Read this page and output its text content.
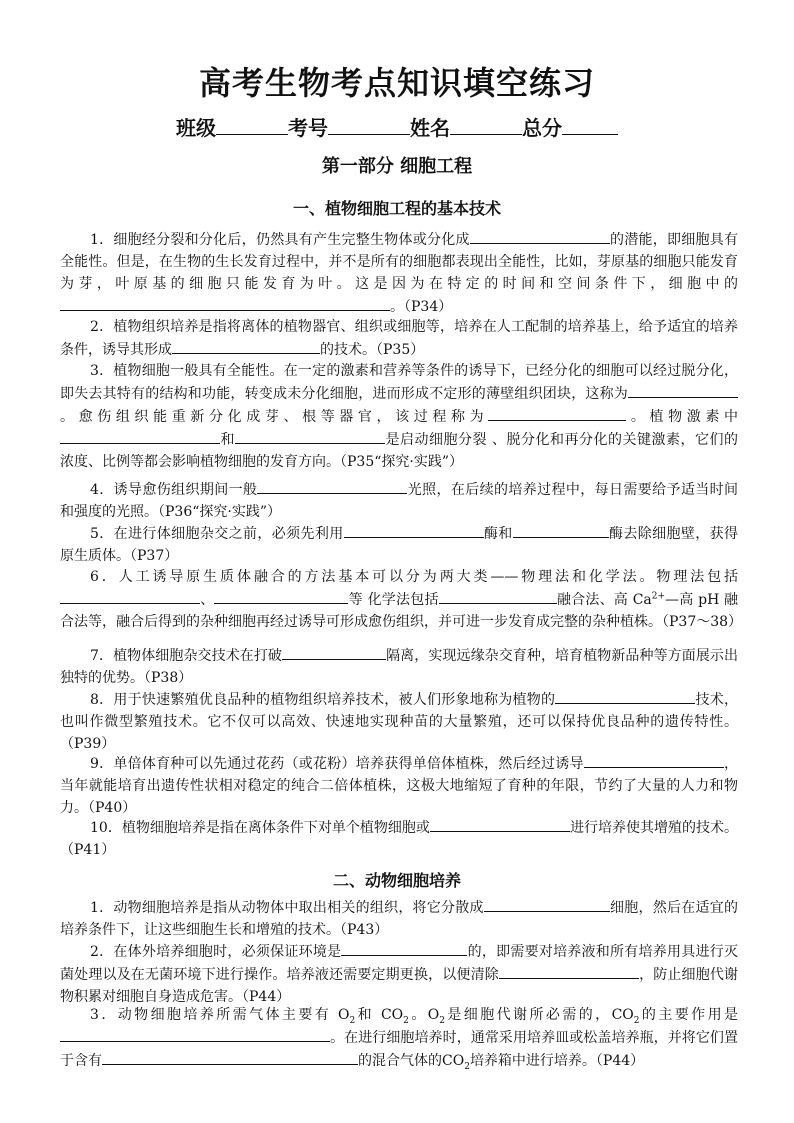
高考生物考点知识填空练习
班级	考号	姓名	总分
第一部分 细胞工程
一、植物细胞工程的基本技术
1．细胞经分裂和分化后，仍然具有产生完整生物体或分化成	的潜能，即细胞具有全能性。但是，在生物的生长发育过程中，并不是所有的细胞都表现出全能性，比如，芽原基的细胞只能发育为芽，叶原基的细胞只能发育为叶。这是因为在特定的时间和空间条件下，细胞中的。（P34）
2．植物组织培养是指将离体的植物器官、组织或细胞等，培养在人工配制的培养基上，给予适宜的培养条件，诱导其形成	的技术。（P35）
3．植物细胞一般具有全能性。在一定的激素和营养等条件的诱导下，已经分化的细胞可以经过脱分化，即失去其特有的结构和功能，转变成未分化细胞，进而形成不定形的薄壁组织团块，这称为。愈伤组织能重新分化成芽、根等器官，该过程称为	。植物激素中和	是启动细胞分裂 、脱分化和再分化的关键激素，它们的浓度、比例等都会影响植物细胞的发育方向。（P35“探究·实践”）
4．诱导愈伤组织期间一般	光照，在后续的培养过程中，每日需要给予适当时间和强度的光照。（P36“探究·实践”）
5．在进行体细胞杂交之前，必须先利用	酶和	酶去除细胞壁，获得原生质体。（P37）
6．人工诱导原生质体融合的方法基本可以分为两大类——物理法和化学法。物理法包括、	等 化学法包括	融合法、高 $Ca^{2+}—$高 pH 融合法等，融合后得到的杂种细胞再经过诱导可形成愈伤组织，并可进一步发育成完整的杂种植株。（P37～38）
7．植物体细胞杂交技术在打破	隔离，实现远缘杂交育种，培育植物新品种等方面展示出独特的优势。（P38）
8．用于快速繁殖优良品种的植物组织培养技术，被人们形象地称为植物的	技术，也叫作微型繁殖技术。它不仅可以高效、快速地实现种苗的大量繁殖，还可以保持优良品种的遗传特性。（P39）
9．单倍体育种可以先通过花药（或花粉）培养获得单倍体植株，然后经过诱导	，当年就能培育出遗传性状相对稳定的纯合二倍体植株，这极大地缩短了育种的年限，节约了大量的人力和物力。（P40）
10．植物细胞培养是指在离体条件下对单个植物细胞或	进行培养使其增殖的技术。（P41）
二、动物细胞培养
1．动物细胞培养是指从动物体中取出相关的组织，将它分散成	细胞，然后在适宜的培养条件下，让这些细胞生长和增殖的技术。（P43）
2．在体外培养细胞时，必须保证环境是	的，即需要对培养液和所有培养用具进行灭菌处理以及在无菌环境下进行操作。培养液还需要定期更换，以便清除	，防止细胞代谢物积累对细胞自身造成危害。（P44）
3．动物细胞培养所需气体主要有 $O_2$和 $CO_2$。$O_2$是细胞代谢所必需的，$CO_2$的主要作用是。在进行细胞培养时，通常采用培养皿或松盖培养瓶，并将它们置于含有	的混合气体的$CO_2$培养箱中进行培养。（P44）
